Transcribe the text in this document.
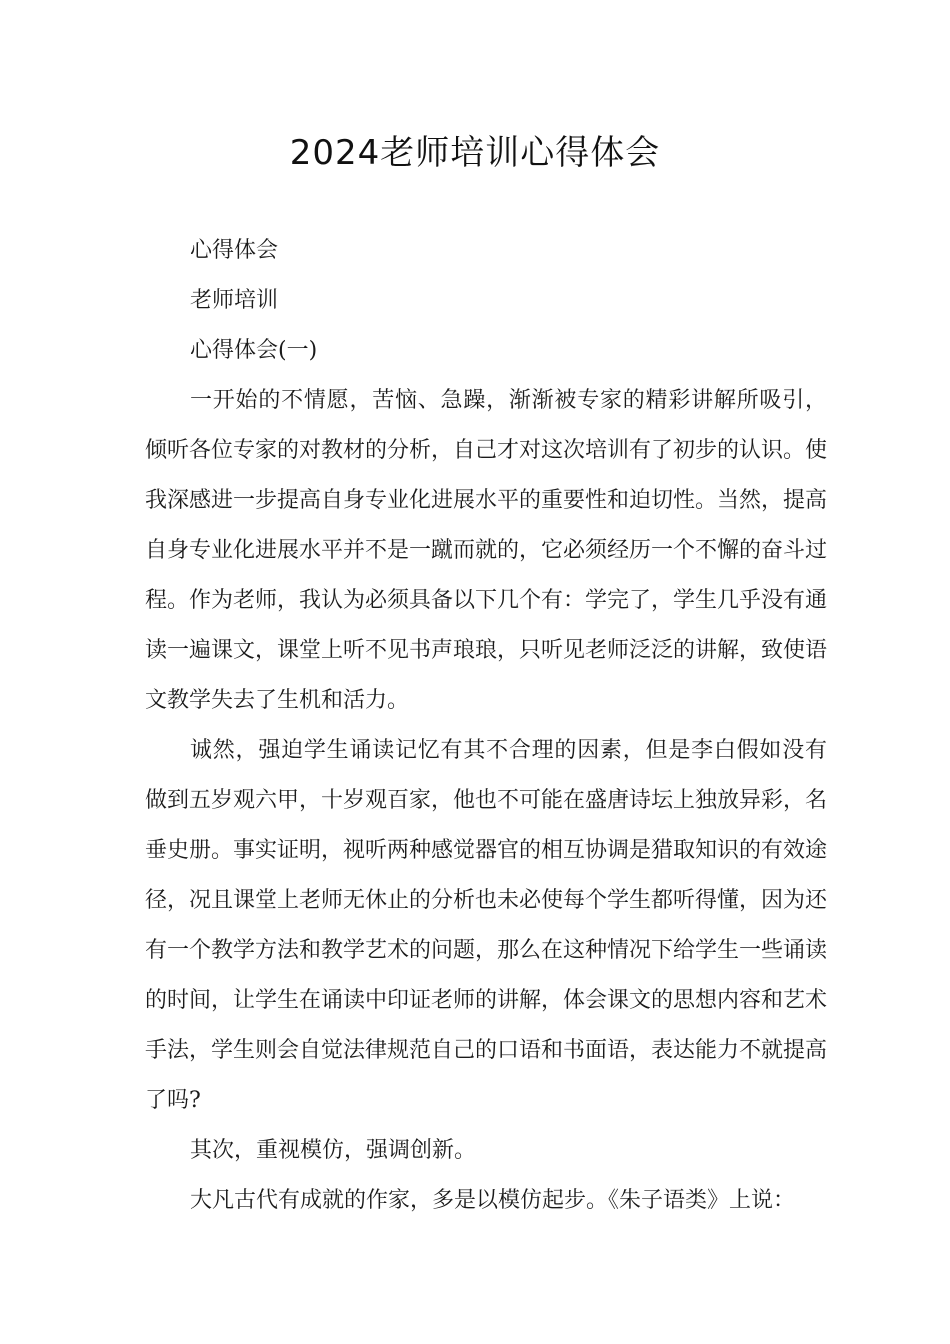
2024老师培训心得体会

心得体会

老师培训

心得体会(一)

一开始的不情愿，苦恼、急躁，渐渐被专家的精彩讲解所吸引，倾听各位专家的对教材的分析，自己才对这次培训有了初步的认识。使我深感进一步提高自身专业化进展水平的重要性和迫切性。当然，提高自身专业化进展水平并不是一蹴而就的，它必须经历一个不懈的奋斗过程。作为老师，我认为必须具备以下几个有：学完了，学生几乎没有通读一遍课文，课堂上听不见书声琅琅，只听见老师泛泛的讲解，致使语文教学失去了生机和活力。

诚然，强迫学生诵读记忆有其不合理的因素，但是李白假如没有做到五岁观六甲，十岁观百家，他也不可能在盛唐诗坛上独放异彩，名垂史册。事实证明，视听两种感觉器官的相互协调是猎取知识的有效途径，况且课堂上老师无休止的分析也未必使每个学生都听得懂，因为还有一个教学方法和教学艺术的问题，那么在这种情况下给学生一些诵读的时间，让学生在诵读中印证老师的讲解，体会课文的思想内容和艺术手法，学生则会自觉法律规范自己的口语和书面语，表达能力不就提高了吗?

其次，重视模仿，强调创新。

大凡古代有成就的作家，多是以模仿起步。《朱子语类》上说：
